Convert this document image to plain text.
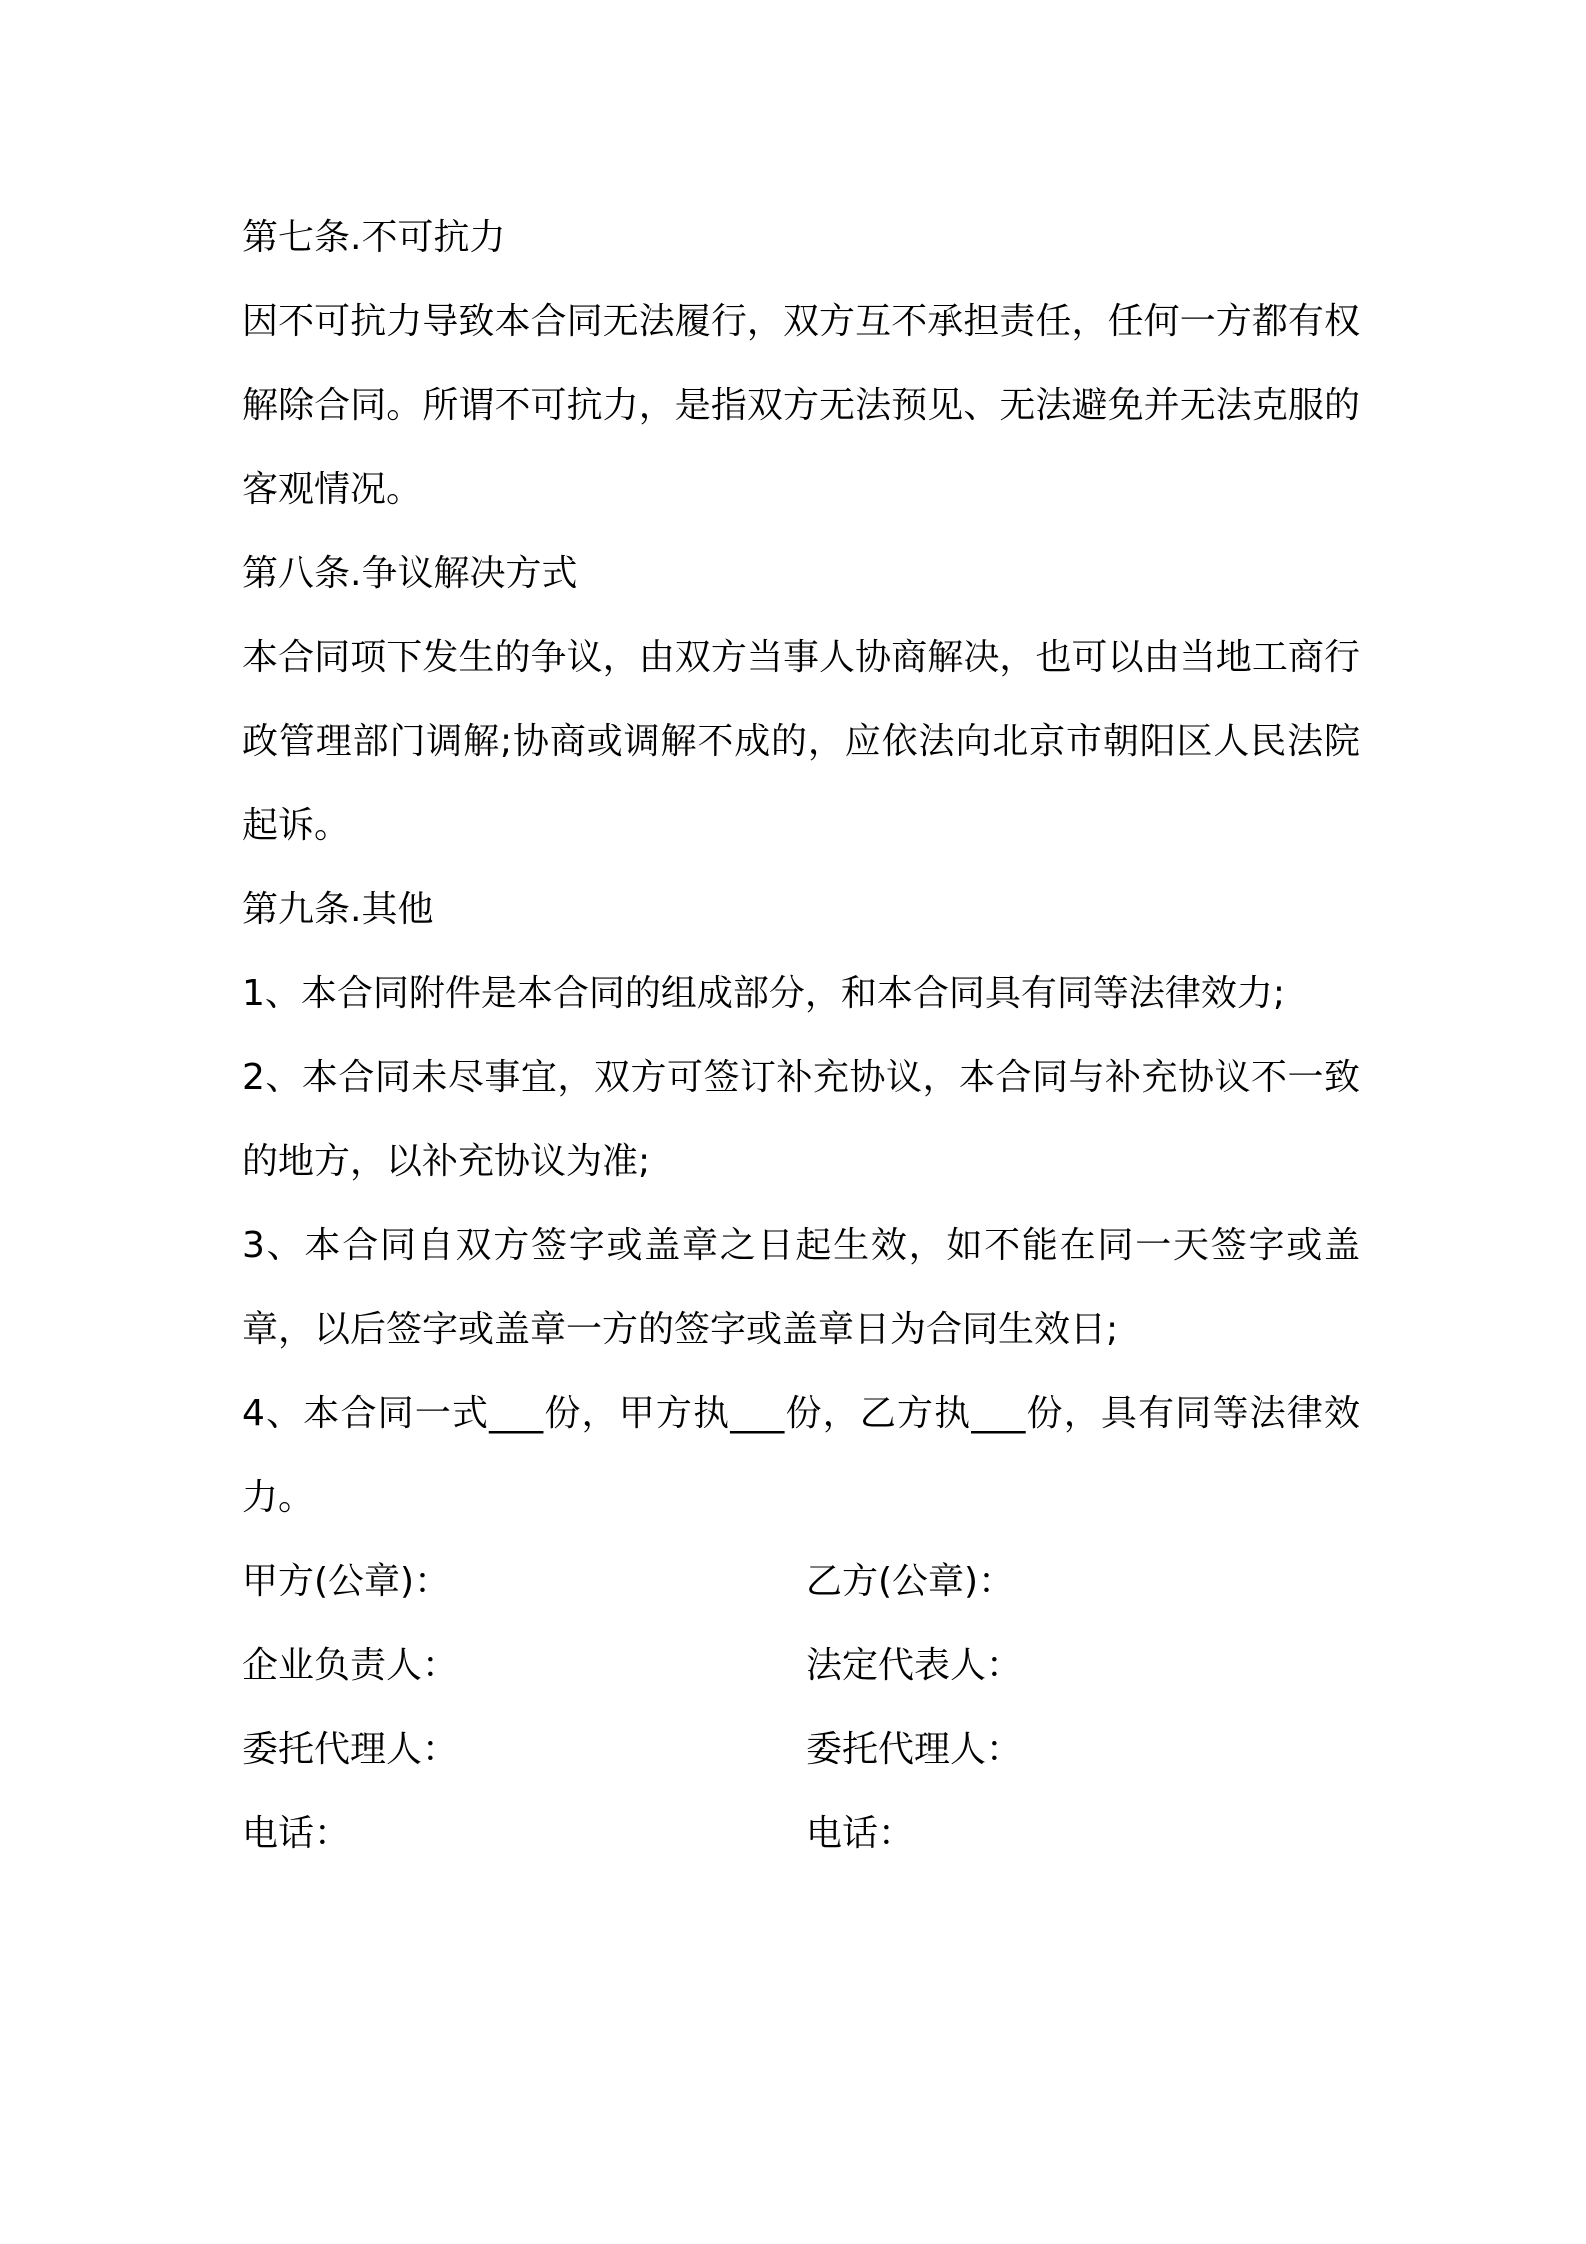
第七条.不可抗力

因不可抗力导致本合同无法履行，双方互不承担责任，任何一方都有权解除合同。所谓不可抗力，是指双方无法预见、无法避免并无法克服的客观情况。

第八条.争议解决方式

本合同项下发生的争议，由双方当事人协商解决，也可以由当地工商行政管理部门调解;协商或调解不成的，应依法向北京市朝阳区人民法院起诉。

第九条.其他

1、本合同附件是本合同的组成部分，和本合同具有同等法律效力;

2、本合同未尽事宜，双方可签订补充协议，本合同与补充协议不一致的地方，以补充协议为准;

3、本合同自双方签字或盖章之日起生效，如不能在同一天签字或盖章，以后签字或盖章一方的签字或盖章日为合同生效日;

4、本合同一式___份，甲方执___份，乙方执___份，具有同等法律效力。

甲方(公章)：	乙方(公章)：
企业负责人：	法定代表人：
委托代理人：	委托代理人：
电话：	电话：
